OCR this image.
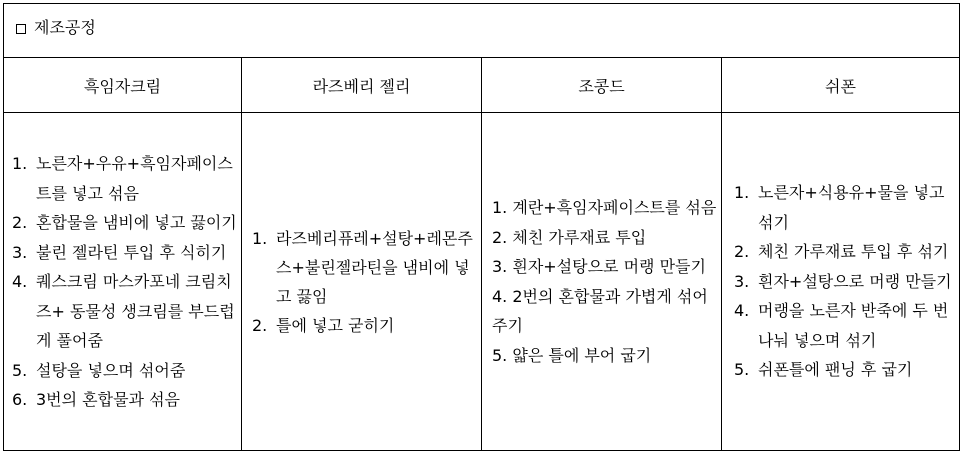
제조공정
흑임자크림	라즈베리 젤리	조콩드	쉬폰
1. 노른자+우유+흑임자페이스트를 넣고 섞음
2. 혼합물을 냄비에 넣고 끓이기
3. 불린 젤라틴 투입 후 식히기
4. 퀘스크림 마스카포네 크림치즈+ 동물성 생크림를 부드럽게 풀어줌
5. 설탕을 넣으며 섞어줌
6. 3번의 혼합물과 섞음
1. 라즈베리퓨레+설탕+레몬주스+불린젤라틴을 냄비에 넣고 끓임
2. 틀에 넣고 굳히기
1. 계란+흑임자페이스트를 섞음
2. 체친 가루재료 투입
3. 흰자+설탕으로 머랭 만들기
4. 2번의 혼합물과 가볍게 섞어주기
5. 얇은 틀에 부어 굽기
1. 노른자+식용유+물을 넣고 섞기
2. 체친 가루재료 투입 후 섞기
3. 흰자+설탕으로 머랭 만들기
4. 머랭을 노른자 반죽에 두 번 나눠 넣으며 섞기
5. 쉬폰틀에 팬닝 후 굽기
